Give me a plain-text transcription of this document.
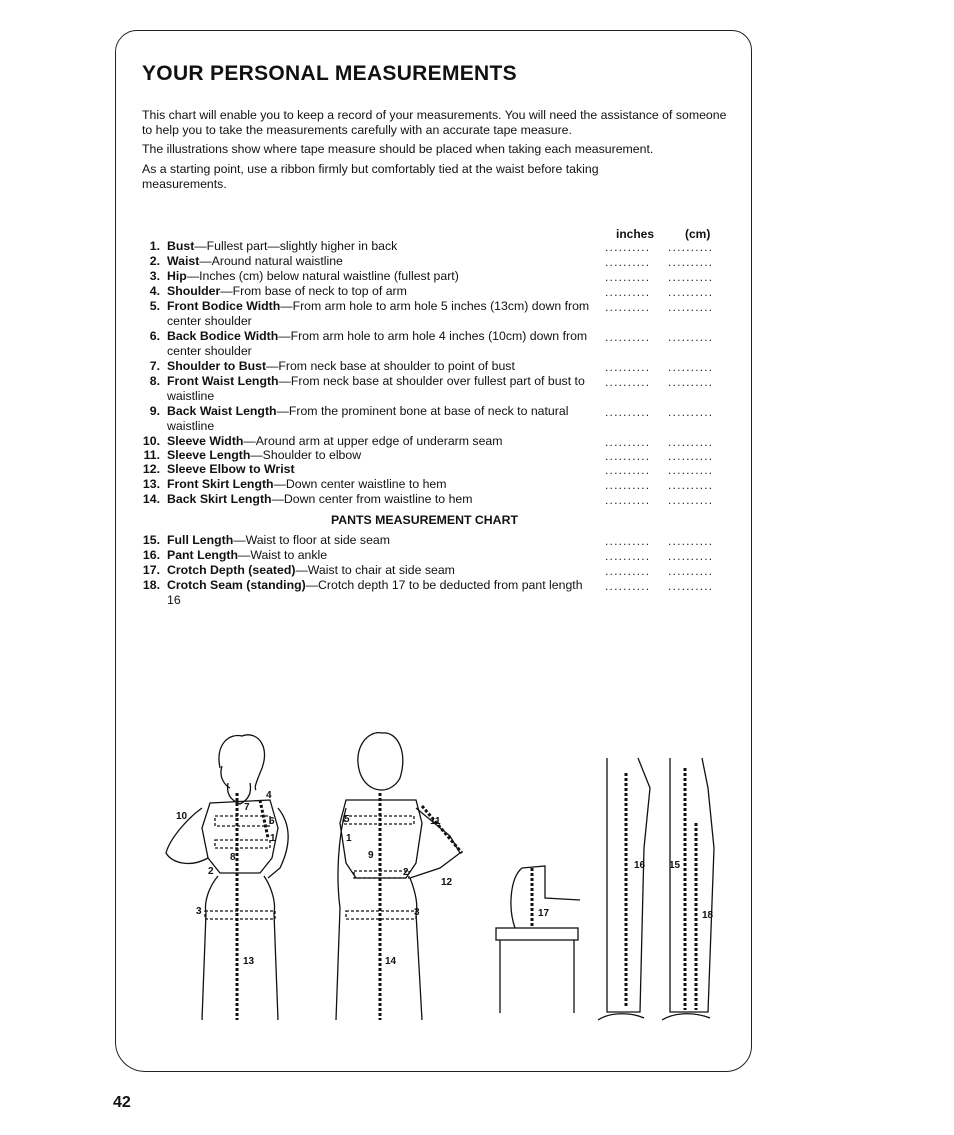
YOUR PERSONAL MEASUREMENTS

This chart will enable you to keep a record of your measurements. You will need the assistance of someone to help you to take the measurements carefully with an accurate tape measure.

The illustrations show where tape measure should be placed when taking each measurement.

As a starting point, use a ribbon firmly but comfortably tied at the waist before taking measurements.

inches	(cm)
1. Bust—Fullest part—slightly higher in back	.......... ..........
2. Waist—Around natural waistline	.......... ..........
3. Hip—Inches (cm) below natural waistline (fullest part)	.......... ..........
4. Shoulder—From base of neck to top of arm	.......... ..........
5. Front Bodice Width—From arm hole to arm hole 5 inches (13cm) down from center shoulder
.......... ..........
6. Back Bodice Width—From arm hole to arm hole 4 inches (10cm) down from center shoulder
.......... ..........
7. Shoulder to Bust—From neck base at shoulder to point of bust	.......... ..........
8. Front Waist Length—From neck base at shoulder over fullest part of bust to waistline
.......... ..........
9. Back Waist Length—From the prominent bone at base of neck to natural waistline
.......... ..........
10. Sleeve Width—Around arm at upper edge of underarm seam	.......... ..........
11. Sleeve Length—Shoulder to elbow	.......... ..........
12. Sleeve Elbow to Wrist	.......... ..........
13. Front Skirt Length—Down center waistline to hem	.......... ..........
14. Back Skirt Length—Down center from waistline to hem	.......... ..........
PANTS MEASUREMENT CHART
15. Full Length—Waist to floor at side seam	.......... ..........
16. Pant Length—Waist to ankle	.......... ..........
17. Crotch Depth (seated)—Waist to chair at side seam	.......... ..........
18. Crotch Seam (standing)—Crotch depth 17 to be deducted from pant length 16
.......... ..........
10
7
4
6
1
2
8
3
13
5	11
1
9
2
12
3
14
17
16 15
18
42
